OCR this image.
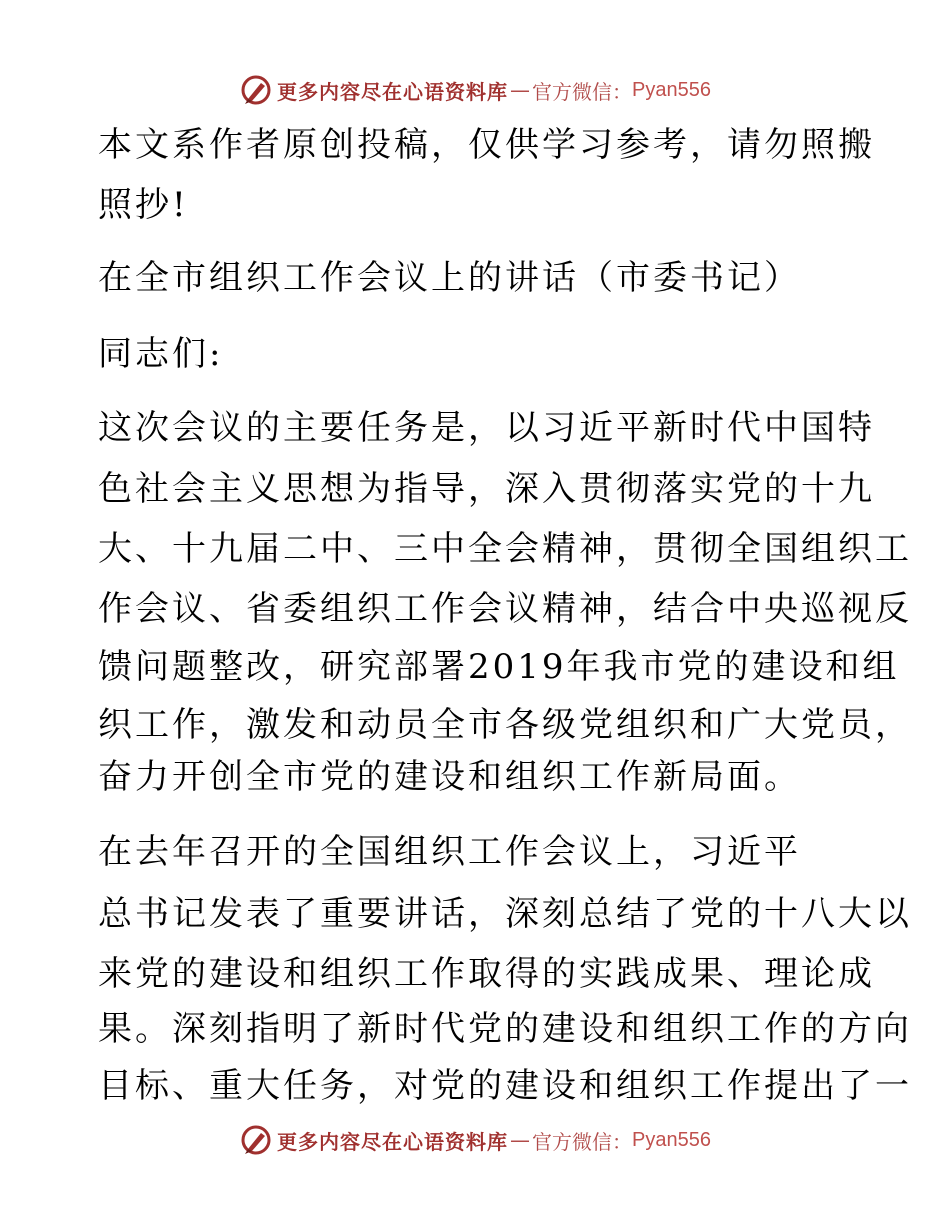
更多内容尽在心语资料库 — 官方微信： Pyan556
本文系作者原创投稿，仅供学习参考，请勿照搬
照抄!
在全市组织工作会议上的讲话（市委书记）
同志们:
这次会议的主要任务是，以习近平新时代中国特
色社会主义思想为指导，深入贯彻落实党的十九
大、十九届二中、三中全会精神，贯彻全国组织工
作会议、省委组织工作会议精神，结合中央巡视反
馈问题整改，研究部署2019年我市党的建设和组
织工作，激发和动员全市各级党组织和广大党员，
奋力开创全市党的建设和组织工作新局面。
在去年召开的全国组织工作会议上，习近平
总书记发表了重要讲话，深刻总结了党的十八大以
来党的建设和组织工作取得的实践成果、理论成
果。深刻指明了新时代党的建设和组织工作的方向
目标、重大任务，对党的建设和组织工作提出了一
更多内容尽在心语资料库 — 官方微信： Pyan556
